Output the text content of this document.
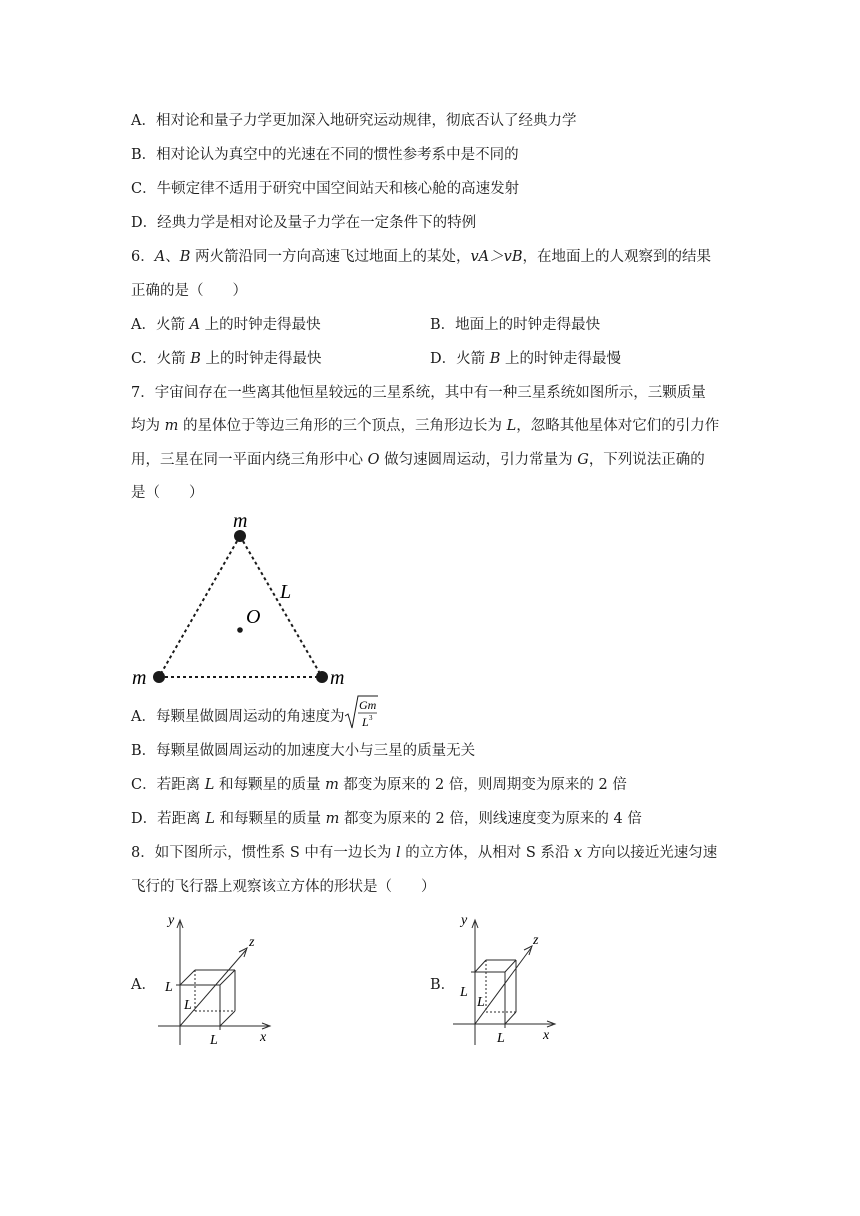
A．相对论和量子力学更加深入地研究运动规律，彻底否认了经典力学
B．相对论认为真空中的光速在不同的惯性参考系中是不同的
C．牛顿定律不适用于研究中国空间站天和核心舱的高速发射
D．经典力学是相对论及量子力学在一定条件下的特例
6．A、B 两火箭沿同一方向高速飞过地面上的某处，vA＞vB，在地面上的人观察到的结果
正确的是（　　）
A．火箭 A 上的时钟走得最快	B．地面上的时钟走得最快
C．火箭 B 上的时钟走得最快	D．火箭 B 上的时钟走得最慢
7．宇宙间存在一些离其他恒星较远的三星系统，其中有一种三星系统如图所示，三颗质量
均为 m 的星体位于等边三角形的三个顶点，三角形边长为 L，忽略其他星体对它们的引力作
用，三星在同一平面内绕三角形中心 O 做匀速圆周运动，引力常量为 G，下列说法正确的
是（　　）
m
m	m
L
O
A．每颗星做圆周运动的角速度为
Gm
L 3
B．每颗星做圆周运动的加速度大小与三星的质量无关
C．若距离 L 和每颗星的质量 m 都变为原来的 2 倍，则周期变为原来的 2 倍
D．若距离 L 和每颗星的质量 m 都变为原来的 2 倍，则线速度变为原来的 4 倍
8．如下图所示，惯性系 S 中有一边长为 l 的立方体，从相对 S 系沿 x 方向以接近光速匀速
飞行的飞行器上观察该立方体的形状是（　　）
A．
y
x
z
L
L
L
B．
y
x
z
L
L
L
